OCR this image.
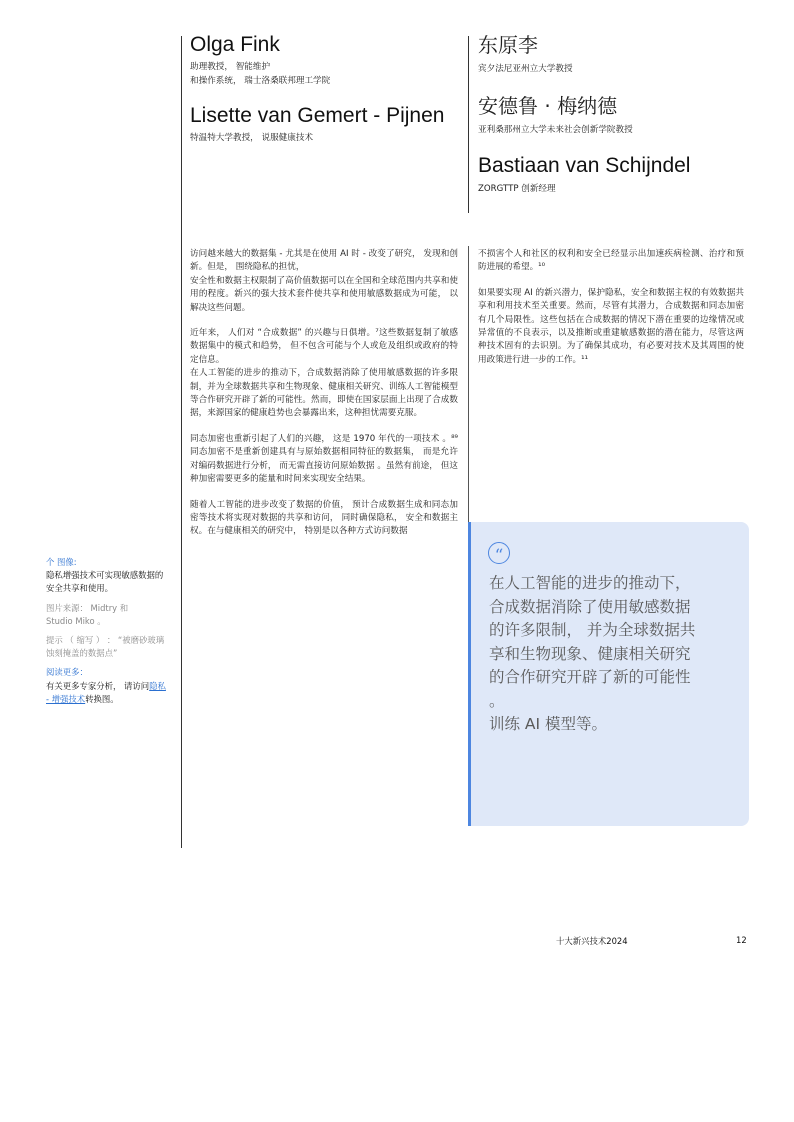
Olga Fink
助理教授， 智能维护
和操作系统， 瑞士洛桑联邦理工学院
Lisette van Gemert - Pijnen
特温特大学教授， 说服健康技术
东原李
宾夕法尼亚州立大学教授
安德鲁 · 梅纳德
亚利桑那州立大学未来社会创新学院教授
Bastiaan van Schijndel
ZORGTTP 创新经理

访问越来越大的数据集 - 尤其是在使用 AI 时 - 改变了研究， 发现和创新。但是， 围绕隐私的担忧，

安全性和数据主权限制了高价值数据可以在全国和全球范围内共享和使用的程度。新兴的强大技术套件使共享和使用敏感数据成为可能， 以解决这些问题。

近年来， 人们对 “合成数据” 的兴趣与日俱增。⁷这些数据复制了敏感数据集中的模式和趋势， 但不包含可能与个人或危及组织或政府的特定信息。

在人工智能的进步的推动下，合成数据消除了使用敏感数据的许多限制，并为全球数据共享和生物现象、健康相关研究、训练人工智能模型等合作研究开辟了新的可能性。然而，即使在国家层面上出现了合成数据，来源国家的健康趋势也会暴露出来，这种担忧需要克服。

同态加密也重新引起了人们的兴趣， 这是 1970 年代的一项技术 。⁸⁹同态加密不是重新创建具有与原始数据相同特征的数据集， 而是允许对编码数据进行分析， 而无需直接访问原始数据 。虽然有前途， 但这种加密需要更多的能量和时间来实现安全结果。

随着人工智能的进步改变了数据的价值， 预计合成数据生成和同态加密等技术将实现对数据的共享和访问， 同时确保隐私， 安全和数据主权。在与健康相关的研究中， 特别是以各种方式访问数据

不损害个人和社区的权利和安全已经显示出加速疾病检测、治疗和预防进展的希望。¹⁰

如果要实现 AI 的新兴潜力，保护隐私，安全和数据主权的有效数据共享和利用技术至关重要。然而，尽管有其潜力，合成数据和同态加密有几个局限性。这些包括在合成数据的情况下潜在重要的边缘情况或异常值的不良表示，以及推断或重建敏感数据的潜在能力，尽管这两种技术固有的去识别。为了确保其成功，有必要对技术及其周围的使用政策进行进一步的工作。¹¹

“
在人工智能的进步的推动下，
合成数据消除了使用敏感数据
的许多限制， 并为全球数据共
享和生物现象、健康相关研究
的合作研究开辟了新的可能性
。
训练 AI 模型等。
个 图像:
隐私增强技术可实现敏感数据的安全共享和使用。
图片来源： Midtry 和
Studio Miko 。
提示 （ 缩写 ） ： “被磨砂玻璃蚀刻掩盖的数据点”
阅读更多：
有关更多专家分析， 请访问隐私 - 增强技术转换图。
十大新兴技术2024	12
